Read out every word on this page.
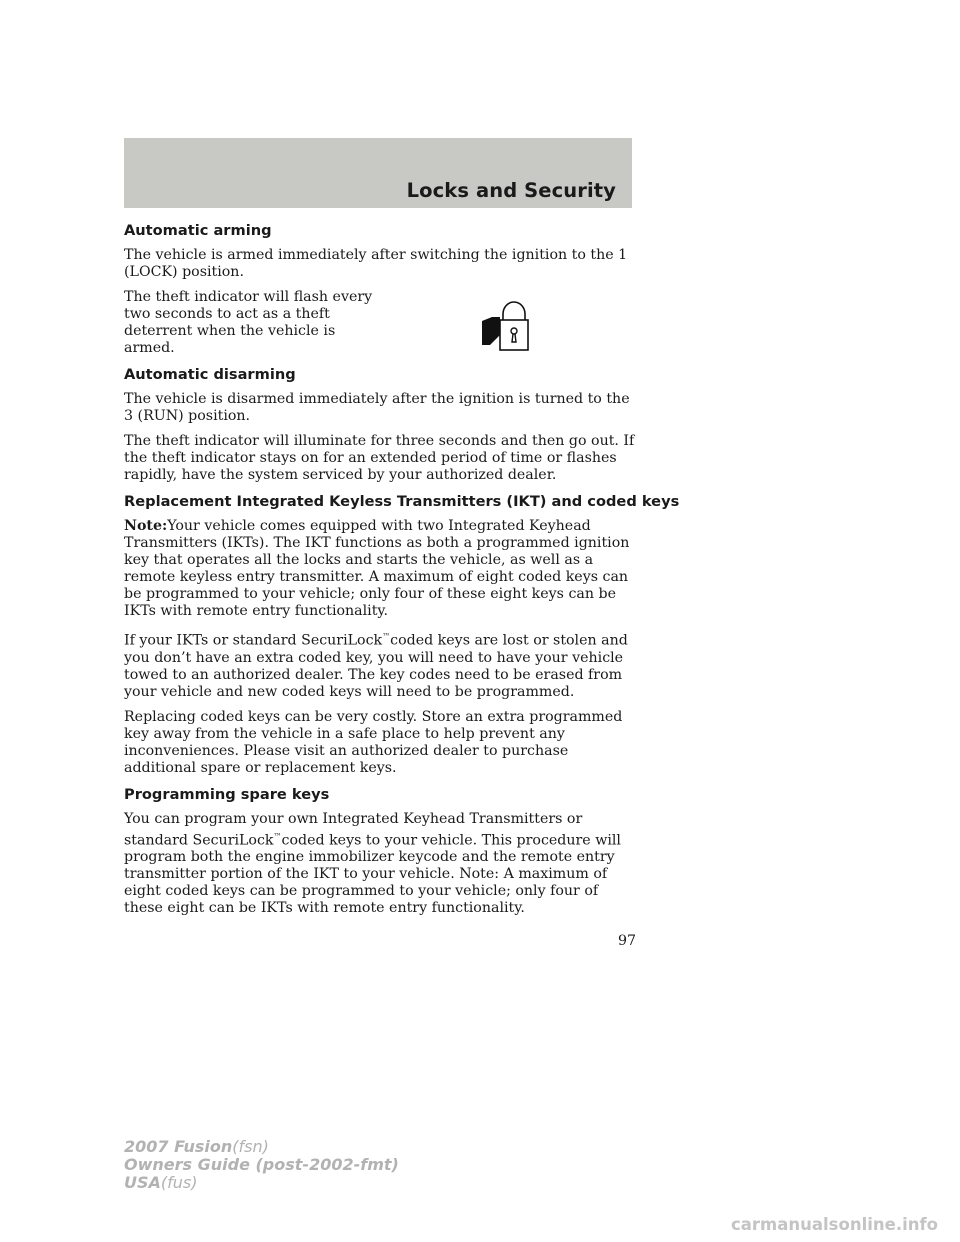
Locks and Security
Automatic arming

The vehicle is armed immediately after switching the ignition to the 1 (LOCK) position.

The theft indicator will flash every two seconds to act as a theft deterrent when the vehicle is armed.

Automatic disarming

The vehicle is disarmed immediately after the ignition is turned to the 3 (RUN) position.

The theft indicator will illuminate for three seconds and then go out. If the theft indicator stays on for an extended period of time or flashes rapidly, have the system serviced by your authorized dealer.

Replacement Integrated Keyless Transmitters (IKT) and coded keys

Note:Your vehicle comes equipped with two Integrated Keyhead Transmitters (IKTs). The IKT functions as both a programmed ignition key that operates all the locks and starts the vehicle, as well as a remote keyless entry transmitter. A maximum of eight coded keys can be programmed to your vehicle; only four of these eight keys can be IKTs with remote entry functionality.

If your IKTs or standard SecuriLock™coded keys are lost or stolen and you don’t have an extra coded key, you will need to have your vehicle towed to an authorized dealer. The key codes need to be erased from your vehicle and new coded keys will need to be programmed.

Replacing coded keys can be very costly. Store an extra programmed key away from the vehicle in a safe place to help prevent any inconveniences. Please visit an authorized dealer to purchase additional spare or replacement keys.

Programming spare keys

You can program your own Integrated Keyhead Transmitters or standard SecuriLock™coded keys to your vehicle. This procedure will program both the engine immobilizer keycode and the remote entry transmitter portion of the IKT to your vehicle. Note: A maximum of eight coded keys can be programmed to your vehicle; only four of these eight can be IKTs with remote entry functionality.

97
2007 Fusion(fsn)
Owners Guide (post-2002-fmt)
USA(fus)
carmanualsonline.info
